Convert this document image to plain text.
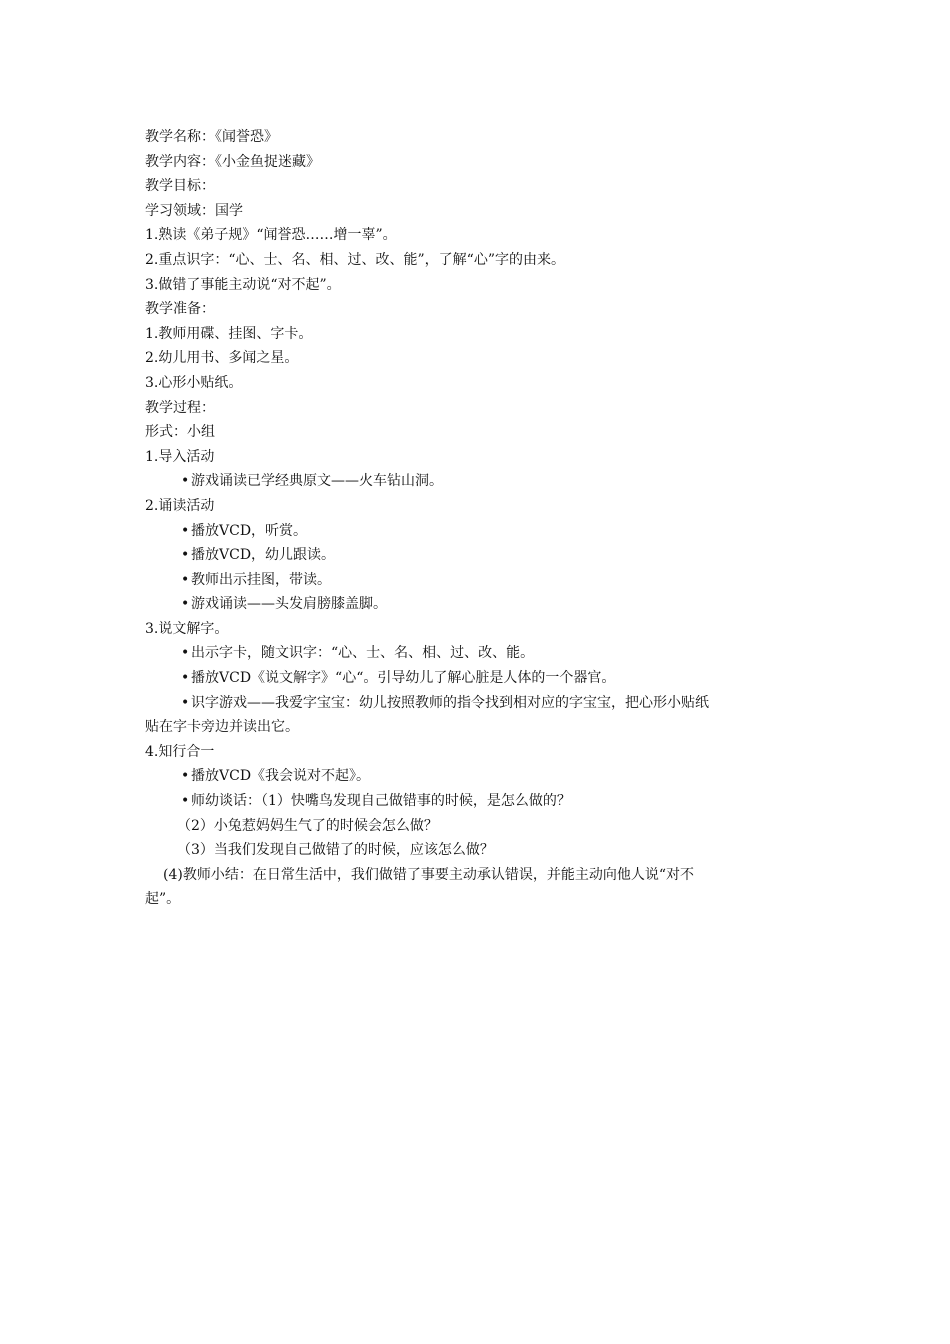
教学名称：《闻誉恐》
教学内容：《小金鱼捉迷藏》
教学目标：
学习领域：国学
1.熟读《弟子规》“闻誉恐……增一辜”。
2.重点识字：“心、士、名、相、过、改、能”，了解“心”字的由来。
3.做错了事能主动说“对不起”。
教学准备：
1.教师用碟、挂图、字卡。
2.幼儿用书、多闻之星。
3.心形小贴纸。
教学过程：
形式：小组
1.导入活动
• 游戏诵读已学经典原文——火车钻山洞。
2.诵读活动
• 播放VCD，听赏。
• 播放VCD，幼儿跟读。
• 教师出示挂图，带读。
• 游戏诵读——头发肩膀膝盖脚。
3.说文解字。
• 出示字卡，随文识字：“心、士、名、相、过、改、能。
• 播放VCD《说文解字》“心“。引导幼儿了解心脏是人体的一个器官。
• 识字游戏——我爱字宝宝：幼儿按照教师的指令找到相对应的字宝宝，把心形小贴纸
贴在字卡旁边并读出它。
4.知行合一
• 播放VCD《我会说对不起》。
• 师幼谈话：（1）快嘴鸟发现自己做错事的时候，是怎么做的？
（2）小兔惹妈妈生气了的时候会怎么做？
（3）当我们发现自己做错了的时候，应该怎么做？
(4)教师小结：在日常生活中，我们做错了事要主动承认错误，并能主动向他人说“对不
起”。
